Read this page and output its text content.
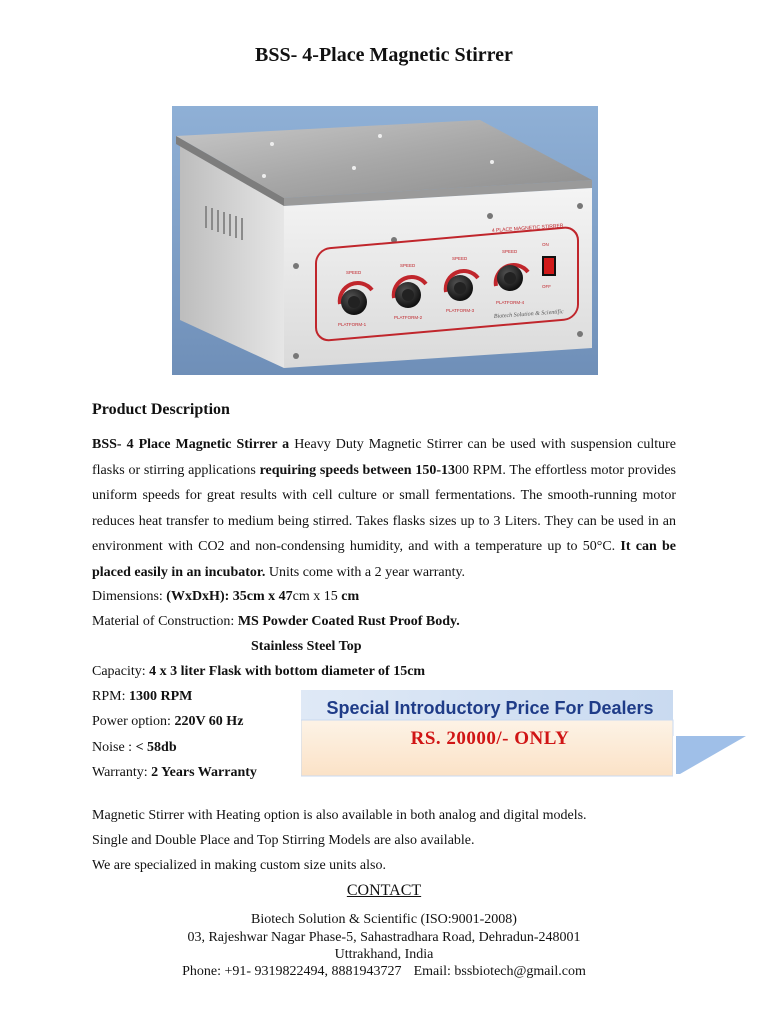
BSS- 4-Place Magnetic Stirrer
4 PLACE MAGNETIC STIRRER
SPEED
SPEED
SPEED
SPEED
PLATFORM-1
PLATFORM-2
PLATFORM-3
PLATFORM-4
ON
OFF
Biotech Solution & Scientific
Product Description
BSS- 4 Place Magnetic Stirrer a Heavy Duty Magnetic Stirrer can be used with suspension culture flasks or stirring applications requiring speeds between 150-1300 RPM. The effortless motor provides uniform speeds for great results with cell culture or small fermentations. The smooth-running motor reduces heat transfer to medium being stirred. Takes flasks sizes up to 3 Liters. They can be used in an environment with CO2 and non-condensing humidity, and with a temperature up to 50°C. It can be placed easily in an incubator. Units come with a 2 year warranty.
Dimensions: (WxDxH): 35cm x 47cm x 15 cm
Material of Construction: MS Powder Coated Rust Proof Body.
Stainless Steel Top
Capacity: 4 x 3 liter Flask with bottom diameter of 15cm
RPM: 1300 RPM
Power option: 220V 60 Hz
Noise : < 58db
Warranty: 2 Years Warranty
Special Introductory Price For Dealers
RS. 20000/- ONLY
Magnetic Stirrer with Heating option is also available in both analog and digital models.
Single and Double Place and Top Stirring Models are also available.
We are specialized in making custom size units also.
CONTACT
Biotech Solution & Scientific (ISO:9001-2008)
03, Rajeshwar Nagar Phase-5, Sahastradhara Road, Dehradun-248001
Uttrakhand, India
Phone: +91- 9319822494, 8881943727 Email: bssbiotech@gmail.com
